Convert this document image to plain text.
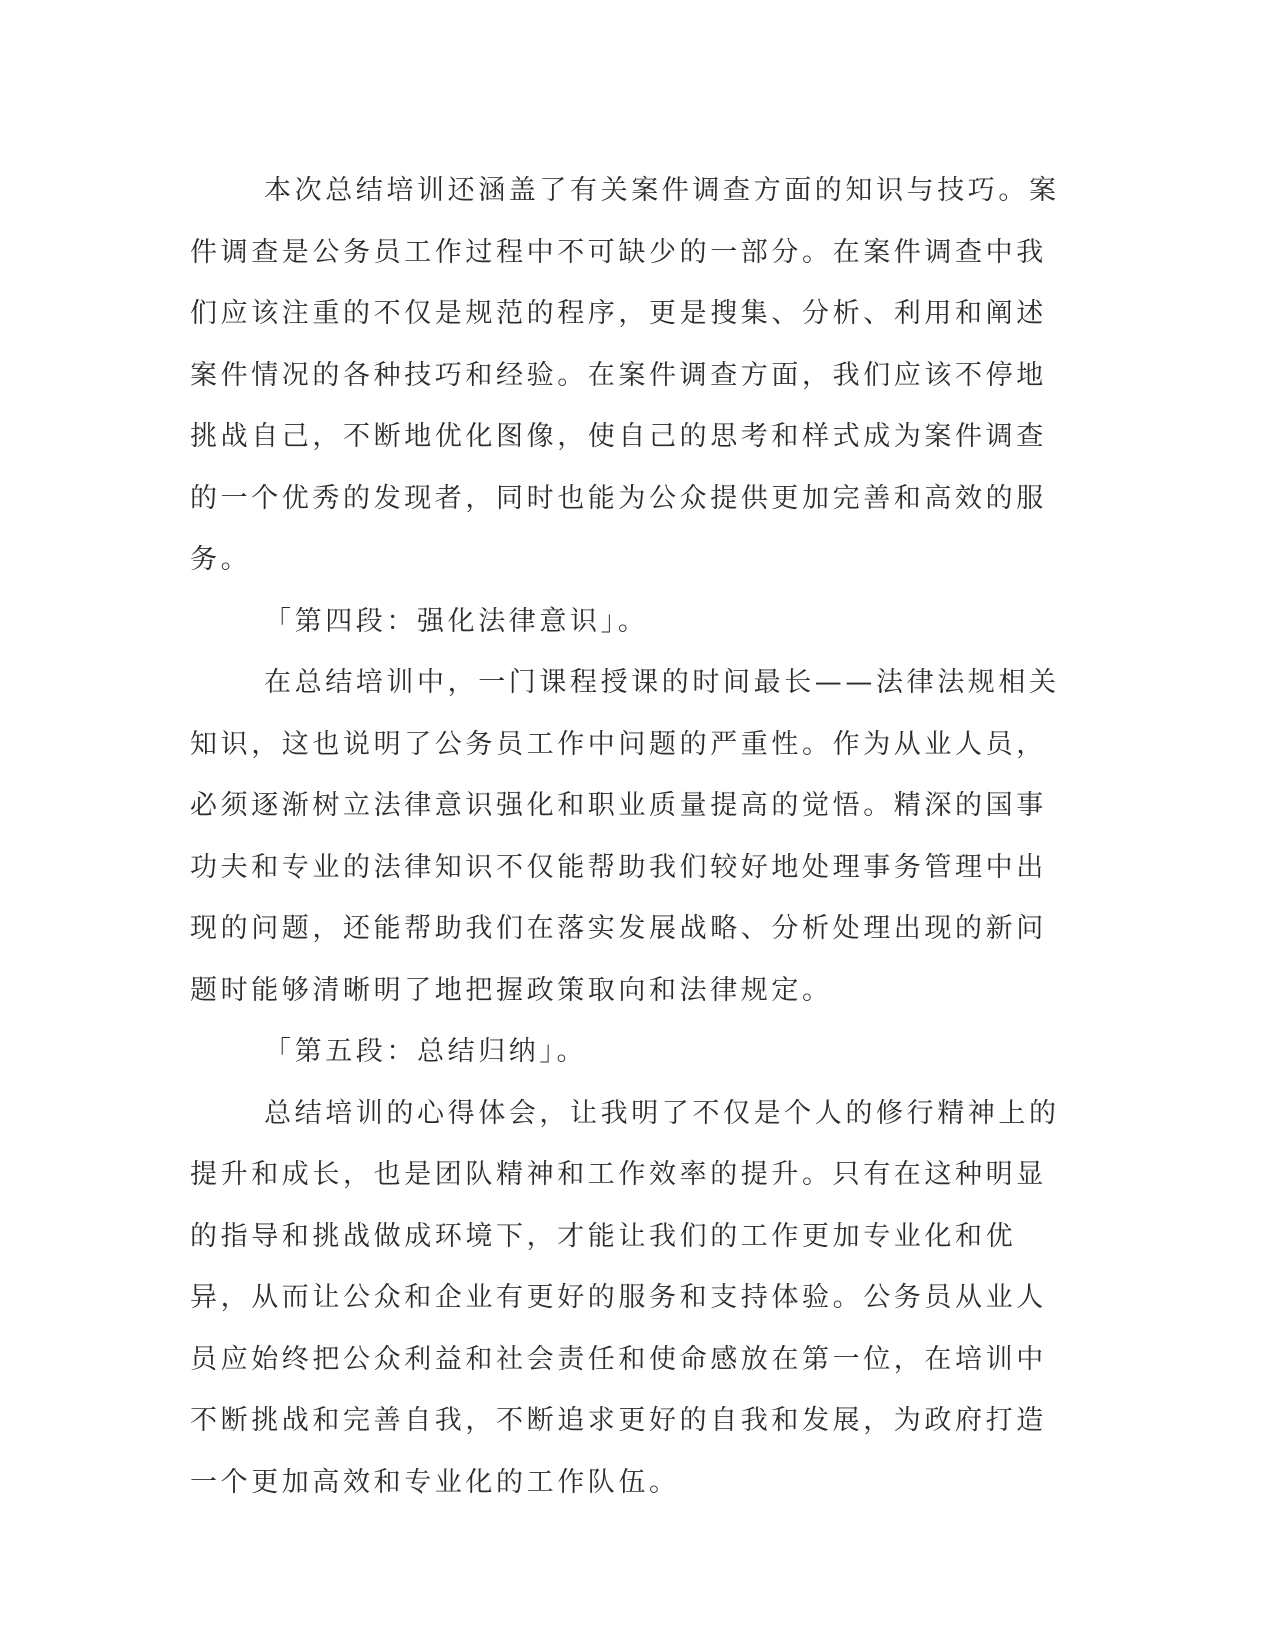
本次总结培训还涵盖了有关案件调查方面的知识与技巧。案件调查是公务员工作过程中不可缺少的一部分。在案件调查中我们应该注重的不仅是规范的程序，更是搜集、分析、利用和阐述案件情况的各种技巧和经验。在案件调查方面，我们应该不停地挑战自己，不断地优化图像，使自己的思考和样式成为案件调查的一个优秀的发现者，同时也能为公众提供更加完善和高效的服务。

「第四段：强化法律意识」。

在总结培训中，一门课程授课的时间最长——法律法规相关知识，这也说明了公务员工作中问题的严重性。作为从业人员，必须逐渐树立法律意识强化和职业质量提高的觉悟。精深的国事功夫和专业的法律知识不仅能帮助我们较好地处理事务管理中出现的问题，还能帮助我们在落实发展战略、分析处理出现的新问题时能够清晰明了地把握政策取向和法律规定。

「第五段：总结归纳」。

总结培训的心得体会，让我明了不仅是个人的修行精神上的提升和成长，也是团队精神和工作效率的提升。只有在这种明显的指导和挑战做成环境下，才能让我们的工作更加专业化和优异，从而让公众和企业有更好的服务和支持体验。公务员从业人员应始终把公众利益和社会责任和使命感放在第一位，在培训中不断挑战和完善自我，不断追求更好的自我和发展，为政府打造一个更加高效和专业化的工作队伍。
